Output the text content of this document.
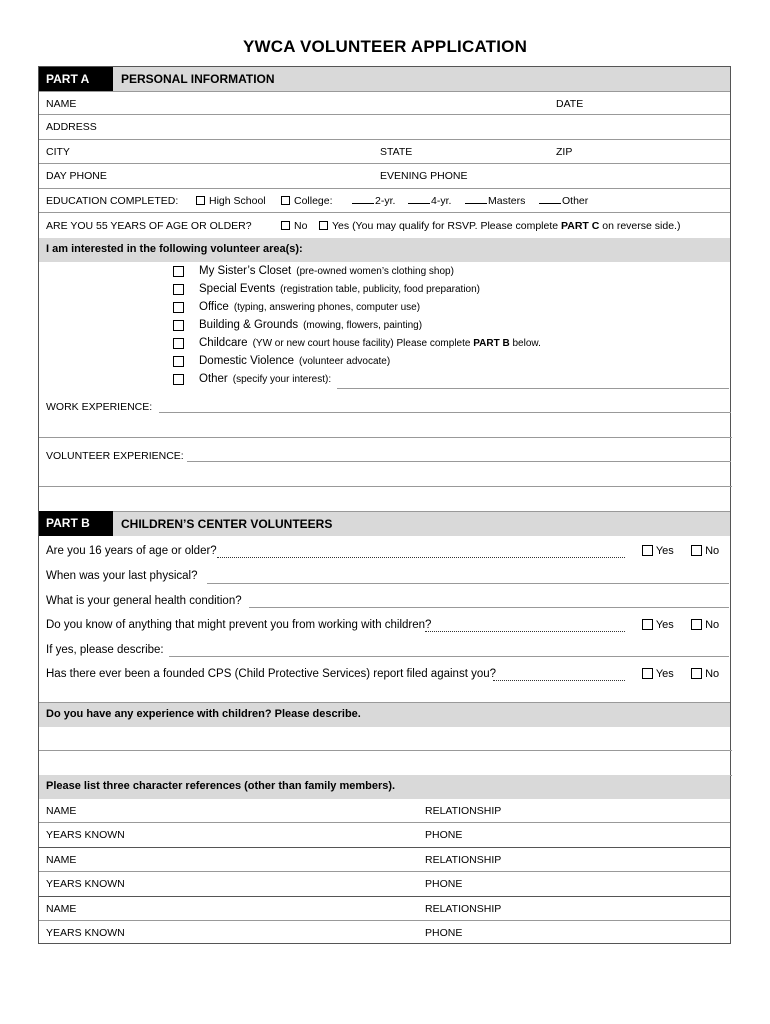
YWCA VOLUNTEER APPLICATION
PART A	PERSONAL INFORMATION
NAME	DATE
ADDRESS
CITY	STATE	ZIP
DAY PHONE	EVENING PHONE
EDUCATION COMPLETED:	High School	College:	2-yr.	4-yr.	Masters	Other
ARE YOU 55 YEARS OF AGE OR OLDER?	No	Yes (You may qualify for RSVP. Please complete PART C on reverse side.)
I am interested in the following volunteer area(s):
My Sister’s Closet (pre-owned women’s clothing shop)
Special Events (registration table, publicity, food preparation)
Office (typing, answering phones, computer use)
Building & Grounds (mowing, flowers, painting)
Childcare (YW or new court house facility) Please complete PART B below.
Domestic Violence (volunteer advocate)
Other (specify your interest):
WORK EXPERIENCE:
VOLUNTEER EXPERIENCE:
PART B	CHILDREN’S CENTER VOLUNTEERS
Are you 16 years of age or older?	Yes	No
When was your last physical?
What is your general health condition?
Do you know of anything that might prevent you from working with children?	Yes	No
If yes, please describe:
Has there ever been a founded CPS (Child Protective Services) report filed against you?	Yes	No
Do you have any experience with children? Please describe.
Please list three character references (other than family members).
NAME	RELATIONSHIP
YEARS KNOWN	PHONE
NAME	RELATIONSHIP
YEARS KNOWN	PHONE
NAME	RELATIONSHIP
YEARS KNOWN	PHONE
